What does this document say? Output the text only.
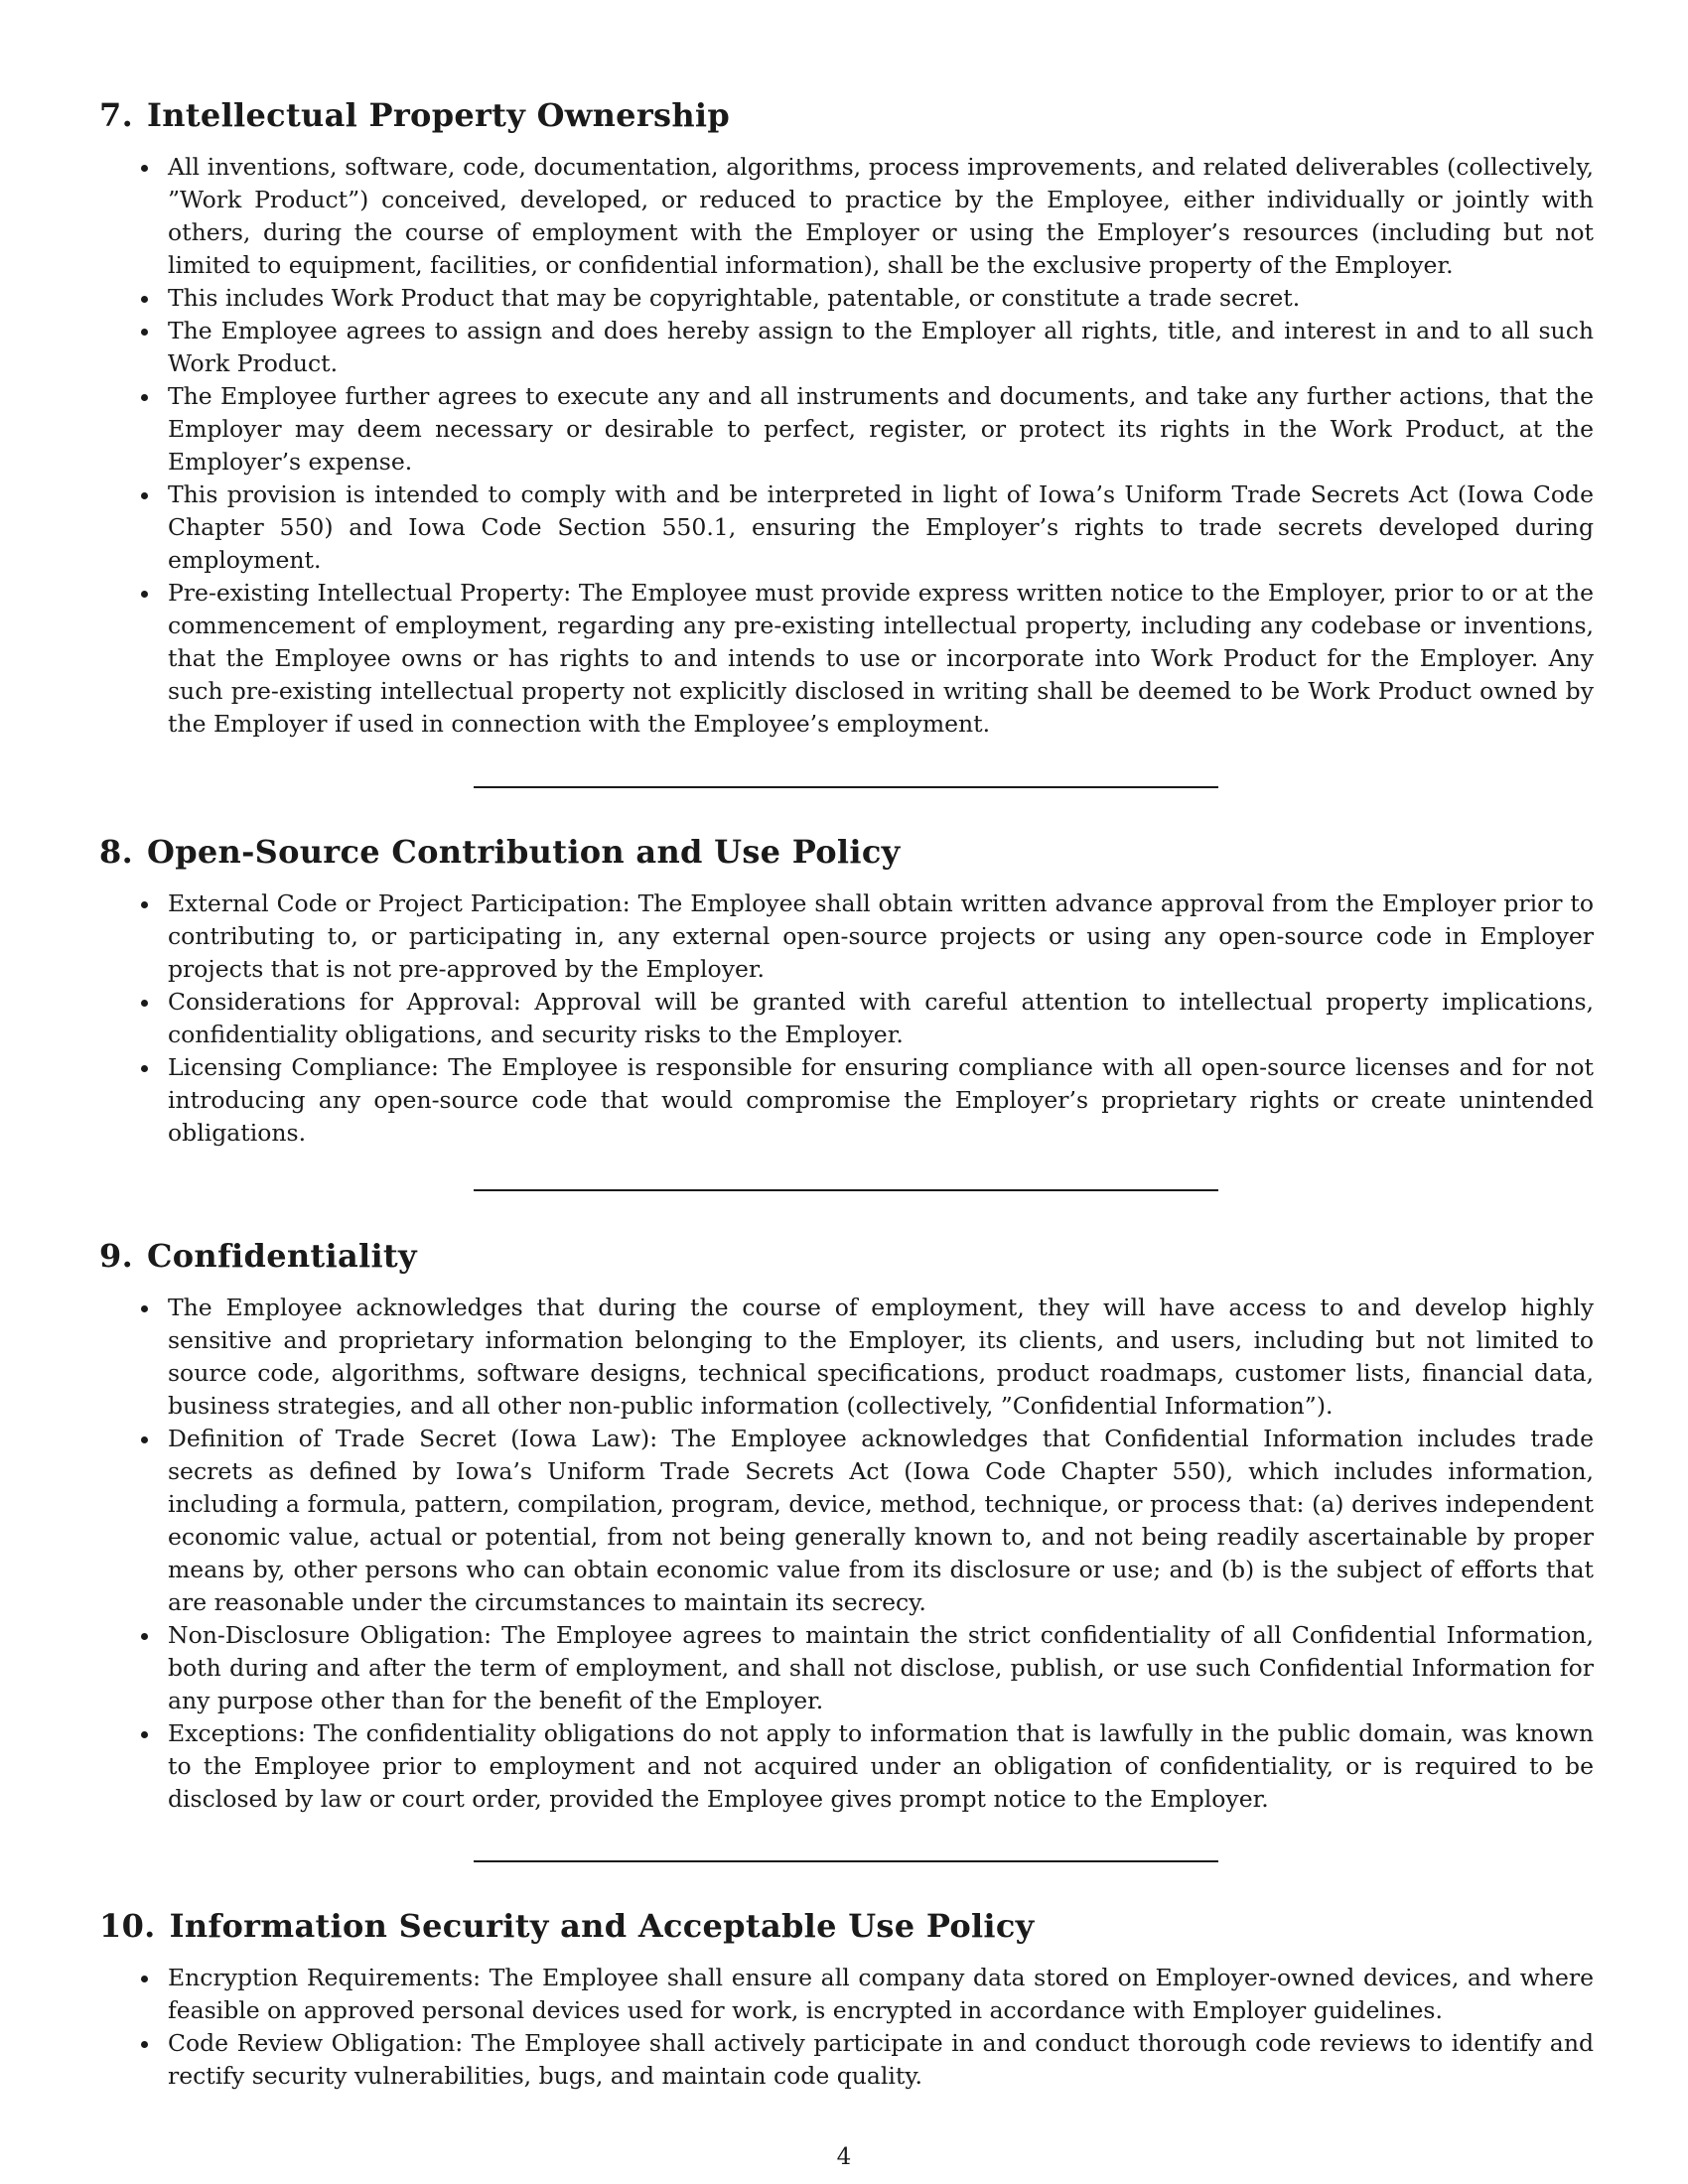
7. Intellectual Property Ownership
All inventions, software, code, documentation, algorithms, process improvements, and related deliverables (collectively, ”Work Product”) conceived, developed, or reduced to practice by the Employee, either individually or jointly with others, during the course of employment with the Employer or using the Employer’s resources (including but not limited to equipment, facilities, or confidential information), shall be the exclusive property of the Employer.
This includes Work Product that may be copyrightable, patentable, or constitute a trade secret.
The Employee agrees to assign and does hereby assign to the Employer all rights, title, and interest in and to all such Work Product.
The Employee further agrees to execute any and all instruments and documents, and take any further actions, that the Employer may deem necessary or desirable to perfect, register, or protect its rights in the Work Product, at the Employer’s expense.
This provision is intended to comply with and be interpreted in light of Iowa’s Uniform Trade Secrets Act (Iowa Code Chapter 550) and Iowa Code Section 550.1, ensuring the Employer’s rights to trade secrets developed during employment.
Pre-existing Intellectual Property: The Employee must provide express written notice to the Employer, prior to or at the commencement of employment, regarding any pre-existing intellectual property, including any codebase or inventions, that the Employee owns or has rights to and intends to use or incorporate into Work Product for the Employer. Any such pre-existing intellectual property not explicitly disclosed in writing shall be deemed to be Work Product owned by the Employer if used in connection with the Employee’s employment.
8. Open-Source Contribution and Use Policy
External Code or Project Participation: The Employee shall obtain written advance approval from the Employer prior to contributing to, or participating in, any external open-source projects or using any open-source code in Employer projects that is not pre-approved by the Employer.
Considerations for Approval: Approval will be granted with careful attention to intellectual property implications, confidentiality obligations, and security risks to the Employer.
Licensing Compliance: The Employee is responsible for ensuring compliance with all open-source licenses and for not introducing any open-source code that would compromise the Employer’s proprietary rights or create unintended obligations.
9. Confidentiality
The Employee acknowledges that during the course of employment, they will have access to and develop highly sensitive and proprietary information belonging to the Employer, its clients, and users, including but not limited to source code, algorithms, software designs, technical specifications, product roadmaps, customer lists, financial data, business strategies, and all other non-public information (collectively, ”Confidential Information”).
Definition of Trade Secret (Iowa Law): The Employee acknowledges that Confidential Information includes trade secrets as defined by Iowa’s Uniform Trade Secrets Act (Iowa Code Chapter 550), which includes information, including a formula, pattern, compilation, program, device, method, technique, or process that: (a) derives independent economic value, actual or potential, from not being generally known to, and not being readily ascertainable by proper means by, other persons who can obtain economic value from its disclosure or use; and (b) is the subject of efforts that are reasonable under the circumstances to maintain its secrecy.
Non-Disclosure Obligation: The Employee agrees to maintain the strict confidentiality of all Confidential Information, both during and after the term of employment, and shall not disclose, publish, or use such Confidential Information for any purpose other than for the benefit of the Employer.
Exceptions: The confidentiality obligations do not apply to information that is lawfully in the public domain, was known to the Employee prior to employment and not acquired under an obligation of confidentiality, or is required to be disclosed by law or court order, provided the Employee gives prompt notice to the Employer.
10. Information Security and Acceptable Use Policy
Encryption Requirements: The Employee shall ensure all company data stored on Employer-owned devices, and where feasible on approved personal devices used for work, is encrypted in accordance with Employer guidelines.
Code Review Obligation: The Employee shall actively participate in and conduct thorough code reviews to identify and rectify security vulnerabilities, bugs, and maintain code quality.
4
